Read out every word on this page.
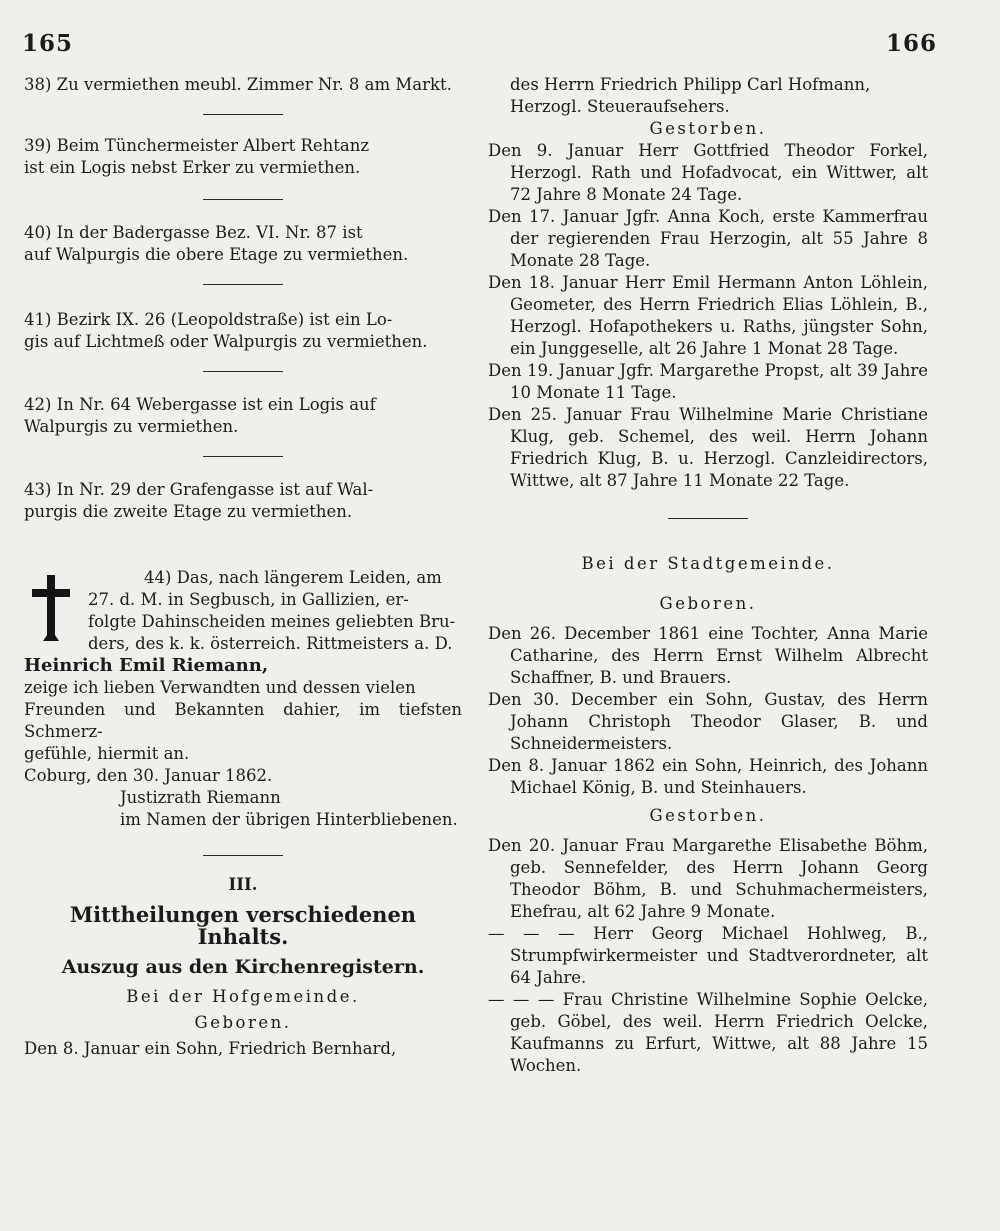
165	166

38) Zu vermiethen meubl. Zimmer Nr. 8 am Markt.

39) Beim Tünchermeister Albert Rehtanz

ist ein Logis nebst Erker zu vermiethen.

40) In der Badergasse Bez. VI. Nr. 87 ist

auf Walpurgis die obere Etage zu vermiethen.

41) Bezirk IX. 26 (Leopoldstraße) ist ein Lo-

gis auf Lichtmeß oder Walpurgis zu vermiethen.

42) In Nr. 64 Webergasse ist ein Logis auf

Walpurgis zu vermiethen.

43) In Nr. 29 der Grafengasse ist auf Wal-

purgis die zweite Etage zu vermiethen.

44) Das, nach längerem Leiden, am

27. d. M. in Segbusch, in Gallizien, er-

folgte Dahinscheiden meines geliebten Bru-

ders, des k. k. österreich. Rittmeisters a. D.

Heinrich Emil Riemann,

zeige ich lieben Verwandten und dessen vielen

Freunden und Bekannten dahier, im tiefsten Schmerz-

gefühle, hiermit an.

Coburg, den 30. Januar 1862.

Justizrath Riemann

im Namen der übrigen Hinterbliebenen.

III.

Mittheilungen verschiedenen Inhalts.

Auszug aus den Kirchenregistern.

Bei der Hofgemeinde.

Geboren.

Den 8. Januar ein Sohn, Friedrich Bernhard,

des Herrn Friedrich Philipp Carl Hofmann,

Herzogl. Steueraufsehers.

Gestorben.

Den 9. Januar Herr Gottfried Theodor Forkel, Herzogl. Rath und Hofadvocat, ein Wittwer, alt 72 Jahre 8 Monate 24 Tage.

Den 17. Januar Jgfr. Anna Koch, erste Kammerfrau der regierenden Frau Herzogin, alt 55 Jahre 8 Monate 28 Tage.

Den 18. Januar Herr Emil Hermann Anton Löhlein, Geometer, des Herrn Friedrich Elias Löhlein, B., Herzogl. Hofapothekers u. Raths, jüngster Sohn, ein Junggeselle, alt 26 Jahre 1 Monat 28 Tage.

Den 19. Januar Jgfr. Margarethe Propst, alt 39 Jahre 10 Monate 11 Tage.

Den 25. Januar Frau Wilhelmine Marie Christiane Klug, geb. Schemel, des weil. Herrn Johann Friedrich Klug, B. u. Herzogl. Canzleidirectors, Wittwe, alt 87 Jahre 11 Monate 22 Tage.

Bei der Stadtgemeinde.

Geboren.

Den 26. December 1861 eine Tochter, Anna Marie Catharine, des Herrn Ernst Wilhelm Albrecht Schaffner, B. und Brauers.

Den 30. December ein Sohn, Gustav, des Herrn Johann Christoph Theodor Glaser, B. und Schneidermeisters.

Den 8. Januar 1862 ein Sohn, Heinrich, des Johann Michael König, B. und Steinhauers.

Gestorben.

Den 20. Januar Frau Margarethe Elisabethe Böhm, geb. Sennefelder, des Herrn Johann Georg Theodor Böhm, B. und Schuhmachermeisters, Ehefrau, alt 62 Jahre 9 Monate.

— — — Herr Georg Michael Hohlweg, B., Strumpfwirkermeister und Stadtverordneter, alt 64 Jahre.

— — — Frau Christine Wilhelmine Sophie Oelcke, geb. Göbel, des weil. Herrn Friedrich Oelcke, Kaufmanns zu Erfurt, Wittwe, alt 88 Jahre 15 Wochen.
